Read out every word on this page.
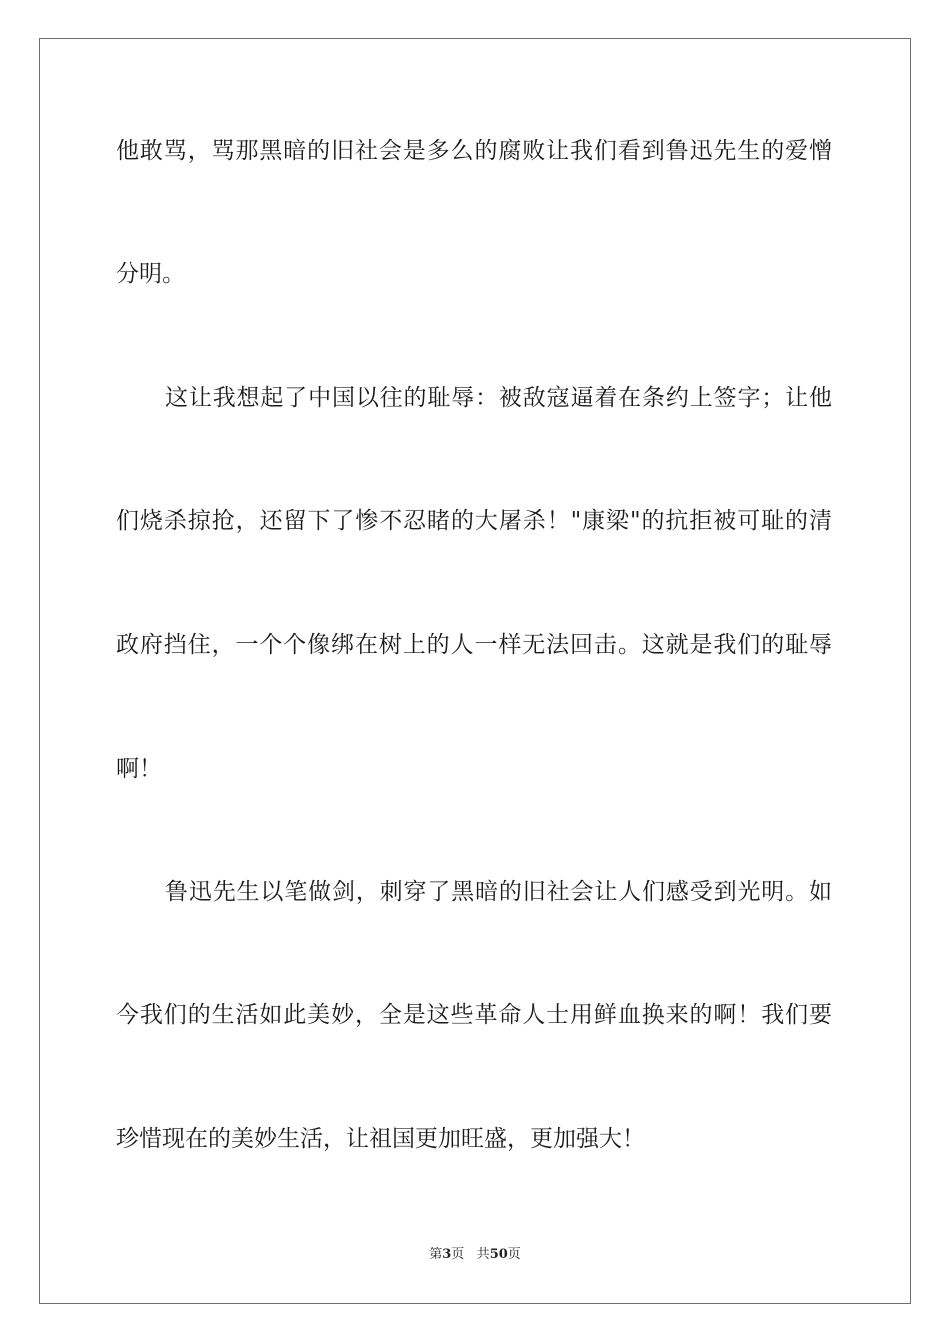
他敢骂，骂那黑暗的旧社会是多么的腐败让我们看到鲁迅先生的爱憎
分明。
这让我想起了中国以往的耻辱：被敌寇逼着在条约上签字；让他
们烧杀掠抢，还留下了惨不忍睹的大屠杀！"康梁"的抗拒被可耻的清
政府挡住，一个个像绑在树上的人一样无法回击。这就是我们的耻辱
啊！
鲁迅先生以笔做剑，刺穿了黑暗的旧社会让人们感受到光明。如
今我们的生活如此美妙，全是这些革命人士用鲜血换来的啊！我们要
珍惜现在的美妙生活，让祖国更加旺盛，更加强大！
第3页 共50页
